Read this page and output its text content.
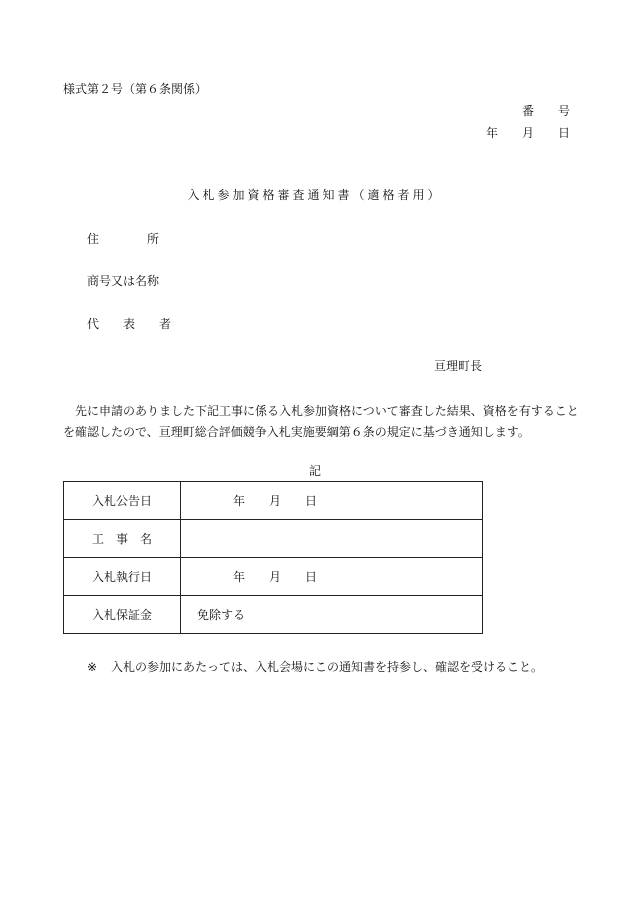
様式第２号（第６条関係）
番　　号
年　　月　　日
入札参加資格審査通知書（適格者用）
住　　　　所
商号又は名称
代　　表　　者
亘理町長
先に申請のありました下記工事に係る入札参加資格について審査した結果、資格を有すること
を確認したので、亘理町総合評価競争入札実施要綱第６条の規定に基づき通知します。
記
入札公告日	年　　月　　日
工　事　名	
入札執行日	年　　月　　日
入札保証金	免除する
※ 入札の参加にあたっては、入札会場にこの通知書を持参し、確認を受けること。
